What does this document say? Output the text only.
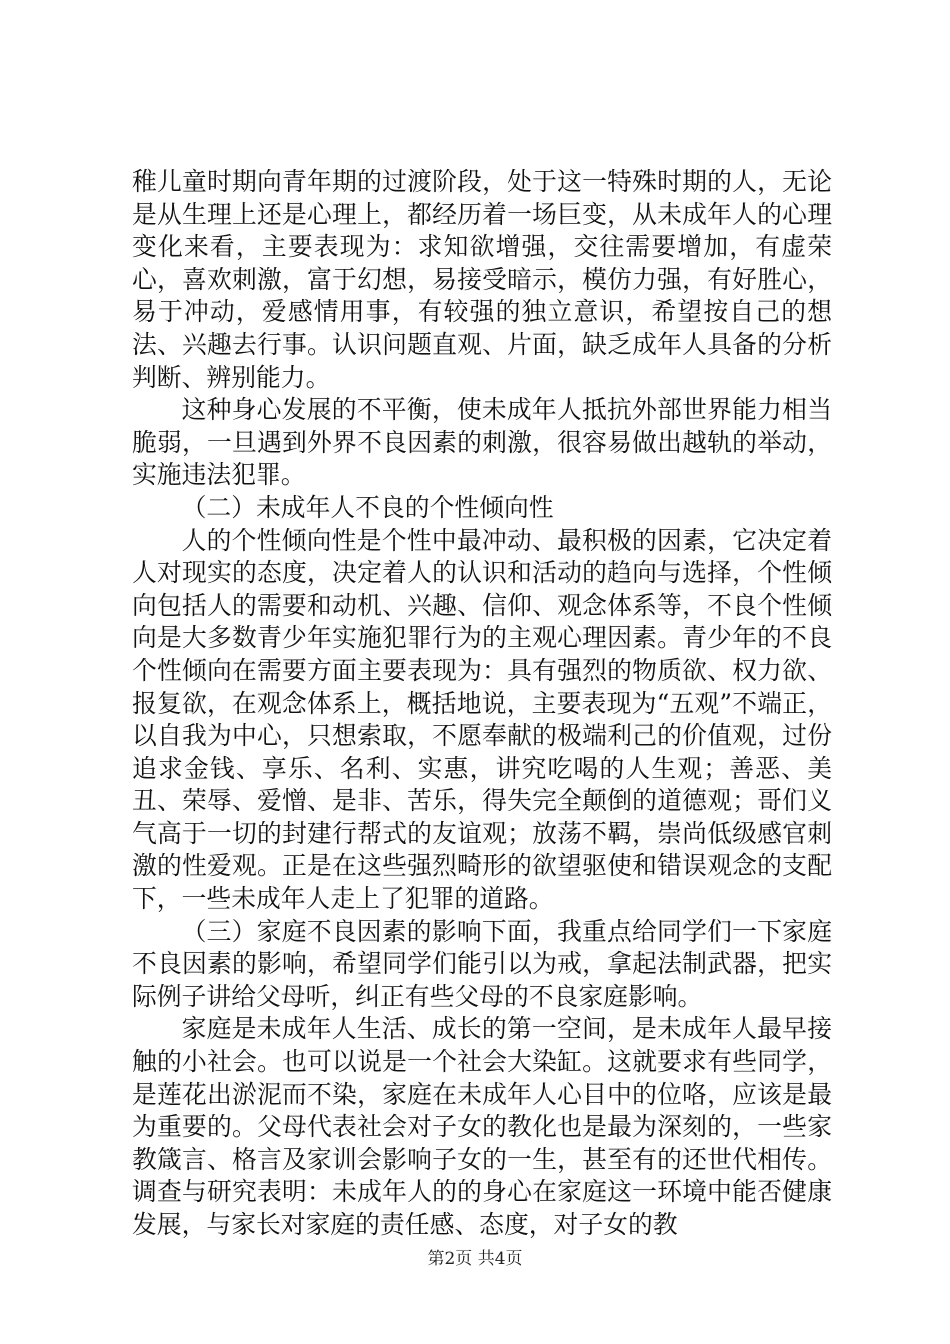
稚儿童时期向青年期的过渡阶段，处于这一特殊时期的人，无论是从生理上还是心理上，都经历着一场巨变，从未成年人的心理变化来看，主要表现为：求知欲增强，交往需要增加，有虚荣心，喜欢刺激，富于幻想，易接受暗示，模仿力强，有好胜心，易于冲动，爱感情用事，有较强的独立意识，希望按自己的想法、兴趣去行事。认识问题直观、片面，缺乏成年人具备的分析判断、辨别能力。

这种身心发展的不平衡，使未成年人抵抗外部世界能力相当脆弱，一旦遇到外界不良因素的刺激，很容易做出越轨的举动，实施违法犯罪。

（二）未成年人不良的个性倾向性

人的个性倾向性是个性中最冲动、最积极的因素，它决定着人对现实的态度，决定着人的认识和活动的趋向与选择，个性倾向包括人的需要和动机、兴趣、信仰、观念体系等，不良个性倾向是大多数青少年实施犯罪行为的主观心理因素。青少年的不良个性倾向在需要方面主要表现为：具有强烈的物质欲、权力欲、报复欲，在观念体系上，概括地说，主要表现为“五观”不端正，以自我为中心，只想索取，不愿奉献的极端利己的价值观，过份追求金钱、享乐、名利、实惠，讲究吃喝的人生观；善恶、美丑、荣辱、爱憎、是非、苦乐，得失完全颠倒的道德观；哥们义气高于一切的封建行帮式的友谊观；放荡不羁，崇尚低级感官刺激的性爱观。正是在这些强烈畸形的欲望驱使和错误观念的支配下，一些未成年人走上了犯罪的道路。

（三）家庭不良因素的影响下面，我重点给同学们一下家庭不良因素的影响，希望同学们能引以为戒，拿起法制武器，把实际例子讲给父母听，纠正有些父母的不良家庭影响。

家庭是未成年人生活、成长的第一空间，是未成年人最早接触的小社会。也可以说是一个社会大染缸。这就要求有些同学，是莲花出淤泥而不染，家庭在未成年人心目中的位咯，应该是最为重要的。父母代表社会对子女的教化也是最为深刻的，一些家教箴言、格言及家训会影响子女的一生，甚至有的还世代相传。调查与研究表明：未成年人的的身心在家庭这一环境中能否健康发展，与家长对家庭的责任感、态度，对子女的教

第2页 共4页
